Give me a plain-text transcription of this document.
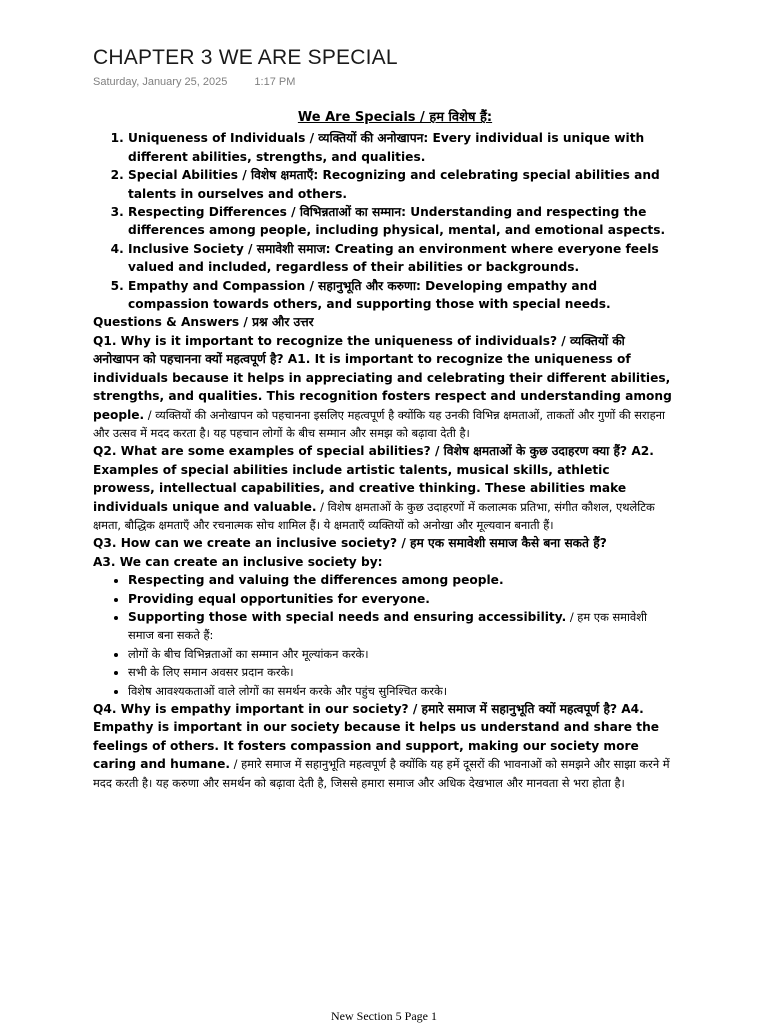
CHAPTER 3 WE ARE SPECIAL
Saturday, January 25, 2025 1:17 PM

We Are Specials / हम विशेष हैं:

1. Uniqueness of Individuals / व्यक्तियों की अनोखापन: Every individual is unique with different abilities, strengths, and qualities.
2. Special Abilities / विशेष क्षमताएँ: Recognizing and celebrating special abilities and talents in ourselves and others.
3. Respecting Differences / विभिन्नताओं का सम्मान: Understanding and respecting the differences among people, including physical, mental, and emotional aspects.
4. Inclusive Society / समावेशी समाज: Creating an environment where everyone feels valued and included, regardless of their abilities or backgrounds.
5. Empathy and Compassion / सहानुभूति और करुणा: Developing empathy and compassion towards others, and supporting those with special needs.

Questions & Answers / प्रश्न और उत्तर

Q1. Why is it important to recognize the uniqueness of individuals? / व्यक्तियों की अनोखापन को पहचानना क्यों महत्वपूर्ण है? A1. It is important to recognize the uniqueness of individuals because it helps in appreciating and celebrating their different abilities, strengths, and qualities. This recognition fosters respect and understanding among people. / व्यक्तियों की अनोखापन को पहचानना इसलिए महत्वपूर्ण है क्योंकि यह उनकी विभिन्न क्षमताओं, ताकतों और गुणों की सराहना और उत्सव में मदद करता है। यह पहचान लोगों के बीच सम्मान और समझ को बढ़ावा देती है।

Q2. What are some examples of special abilities? / विशेष क्षमताओं के कुछ उदाहरण क्या हैं? A2. Examples of special abilities include artistic talents, musical skills, athletic prowess, intellectual capabilities, and creative thinking. These abilities make individuals unique and valuable. / विशेष क्षमताओं के कुछ उदाहरणों में कलात्मक प्रतिभा, संगीत कौशल, एथलेटिक क्षमता, बौद्धिक क्षमताएँ और रचनात्मक सोच शामिल हैं। ये क्षमताएँ व्यक्तियों को अनोखा और मूल्यवान बनाती हैं।

Q3. How can we create an inclusive society? / हम एक समावेशी समाज कैसे बना सकते हैं?

A3. We can create an inclusive society by:

• Respecting and valuing the differences among people.
• Providing equal opportunities for everyone.
• Supporting those with special needs and ensuring accessibility. / हम एक समावेशी समाज बना सकते हैं:
• लोगों के बीच विभिन्नताओं का सम्मान और मूल्यांकन करके।
• सभी के लिए समान अवसर प्रदान करके।
• विशेष आवश्यकताओं वाले लोगों का समर्थन करके और पहुंच सुनिश्चित करके।

Q4. Why is empathy important in our society? / हमारे समाज में सहानुभूति क्यों महत्वपूर्ण है? A4. Empathy is important in our society because it helps us understand and share the feelings of others. It fosters compassion and support, making our society more caring and humane. / हमारे समाज में सहानुभूति महत्वपूर्ण है क्योंकि यह हमें दूसरों की भावनाओं को समझने और साझा करने में मदद करती है। यह करुणा और समर्थन को बढ़ावा देती है, जिससे हमारा समाज और अधिक देखभाल और मानवता से भरा होता है।

New Section 5 Page 1
